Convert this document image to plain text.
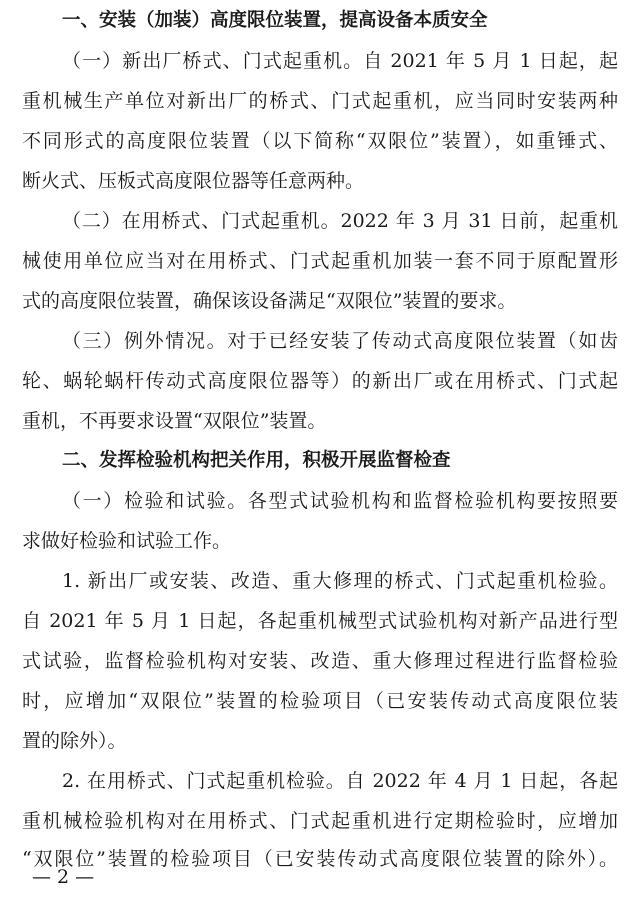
一、安装（加装）高度限位装置，提高设备本质安全
（一）新出厂桥式、门式起重机。自 2021 年 5 月 1 日起，起
重机械生产单位对新出厂的桥式、门式起重机，应当同时安装两种
不同形式的高度限位装置（以下简称“双限位”装置），如重锤式、
断火式、压板式高度限位器等任意两种。
（二）在用桥式、门式起重机。2022 年 3 月 31 日前，起重机
械使用单位应当对在用桥式、门式起重机加装一套不同于原配置形
式的高度限位装置，确保该设备满足“双限位”装置的要求。
（三）例外情况。对于已经安装了传动式高度限位装置（如齿
轮、蜗轮蜗杆传动式高度限位器等）的新出厂或在用桥式、门式起
重机，不再要求设置“双限位”装置。
二、发挥检验机构把关作用，积极开展监督检查
（一）检验和试验。各型式试验机构和监督检验机构要按照要
求做好检验和试验工作。
1. 新出厂或安装、改造、重大修理的桥式、门式起重机检验。
自 2021 年 5 月 1 日起，各起重机械型式试验机构对新产品进行型
式试验，监督检验机构对安装、改造、重大修理过程进行监督检验
时，应增加“双限位”装置的检验项目（已安装传动式高度限位装
置的除外）。
2. 在用桥式、门式起重机检验。自 2022 年 4 月 1 日起，各起
重机械检验机构对在用桥式、门式起重机进行定期检验时，应增加
“双限位”装置的检验项目（已安装传动式高度限位装置的除外）。
— 2 —
